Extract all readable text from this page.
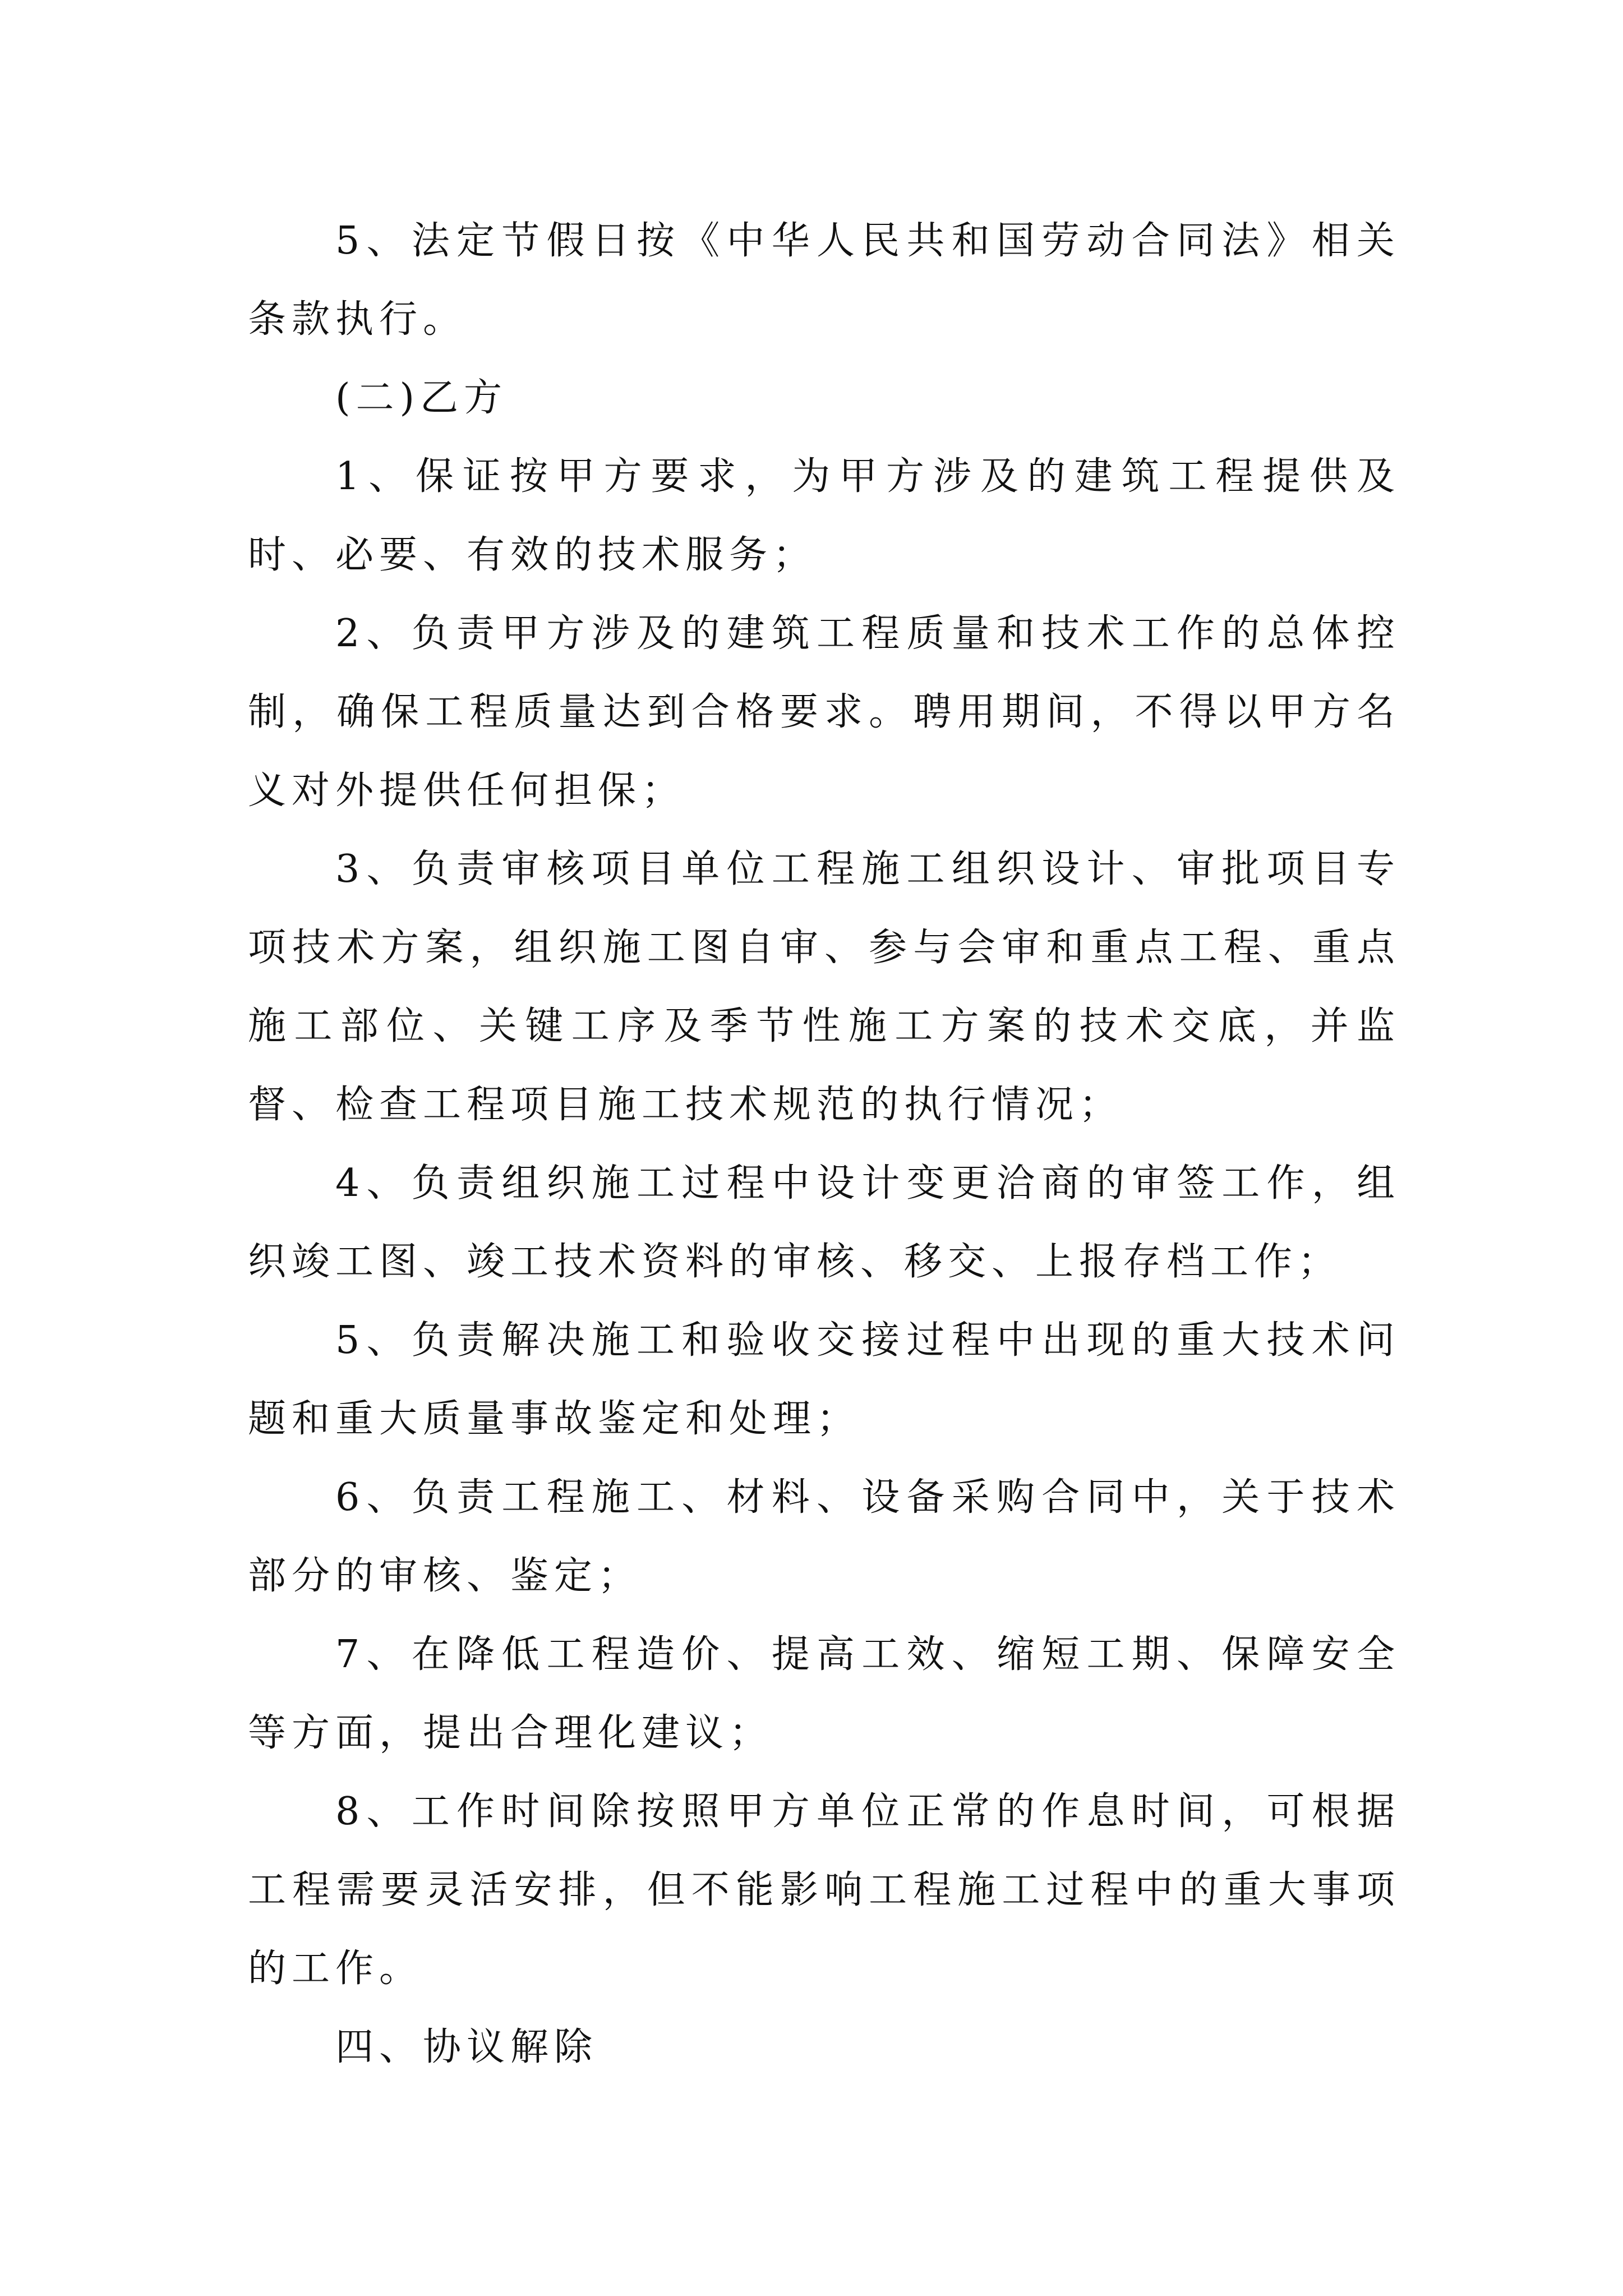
5、法定节假日按《中华人民共和国劳动合同法》相关条款执行。

(二)乙方

1、保证按甲方要求，为甲方涉及的建筑工程提供及时、必要、有效的技术服务；

2、负责甲方涉及的建筑工程质量和技术工作的总体控制，确保工程质量达到合格要求。聘用期间，不得以甲方名义对外提供任何担保；

3、负责审核项目单位工程施工组织设计、审批项目专项技术方案，组织施工图自审、参与会审和重点工程、重点施工部位、关键工序及季节性施工方案的技术交底，并监督、检查工程项目施工技术规范的执行情况；

4、负责组织施工过程中设计变更洽商的审签工作，组织竣工图、竣工技术资料的审核、移交、上报存档工作；

5、负责解决施工和验收交接过程中出现的重大技术问题和重大质量事故鉴定和处理；

6、负责工程施工、材料、设备采购合同中，关于技术部分的审核、鉴定；

7、在降低工程造价、提高工效、缩短工期、保障安全等方面，提出合理化建议；

8、工作时间除按照甲方单位正常的作息时间，可根据工程需要灵活安排，但不能影响工程施工过程中的重大事项的工作。

四、协议解除
